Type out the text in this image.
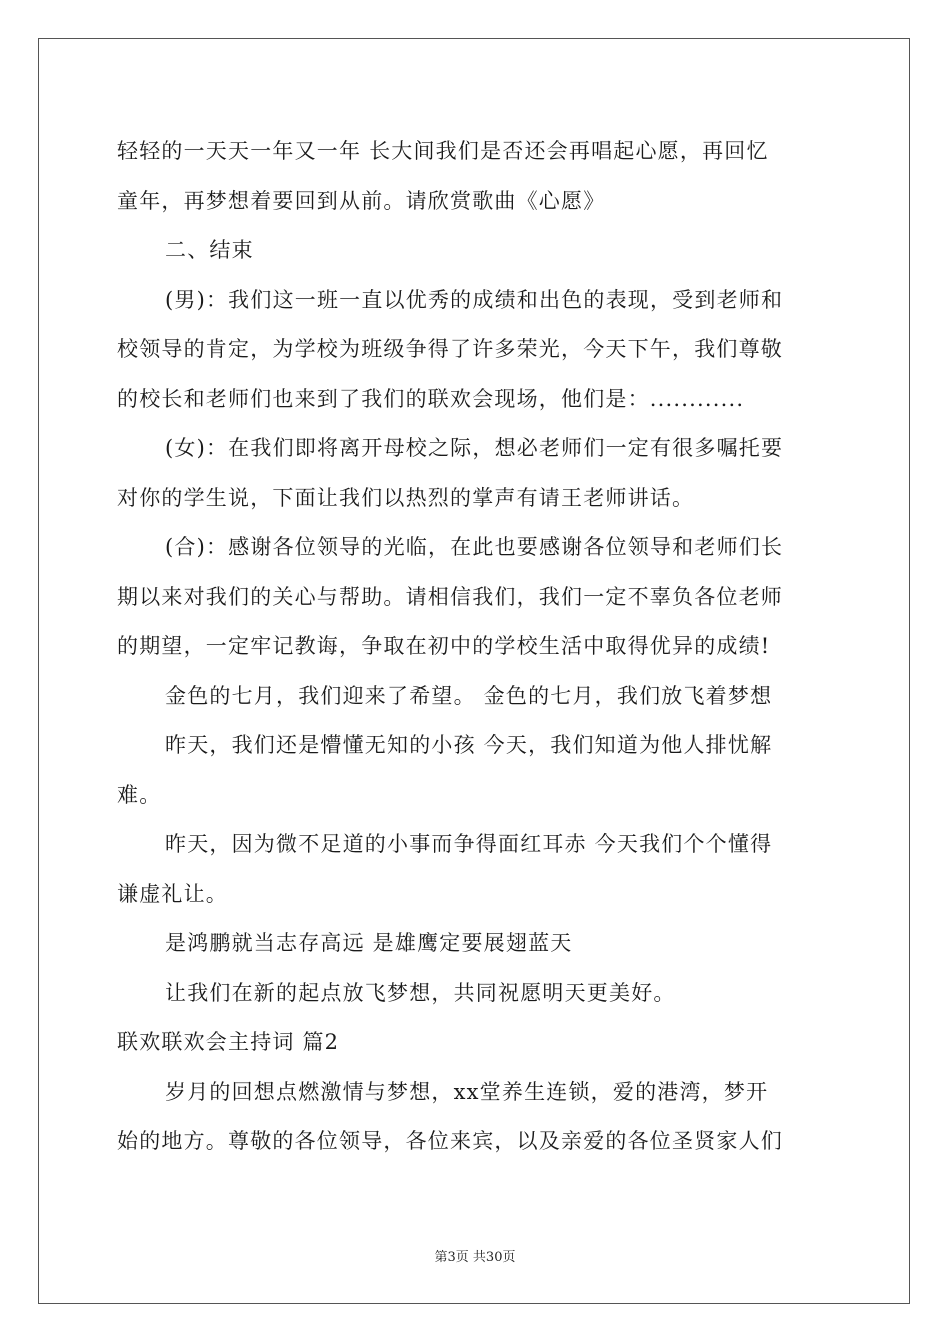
轻轻的一天天一年又一年 长大间我们是否还会再唱起心愿，再回忆
童年，再梦想着要回到从前。请欣赏歌曲《心愿》
二、结束
(男)：我们这一班一直以优秀的成绩和出色的表现，受到老师和
校领导的肯定，为学校为班级争得了许多荣光，今天下午，我们尊敬
的校长和老师们也来到了我们的联欢会现场，他们是：............
(女)：在我们即将离开母校之际，想必老师们一定有很多嘱托要
对你的学生说，下面让我们以热烈的掌声有请王老师讲话。
(合)：感谢各位领导的光临，在此也要感谢各位领导和老师们长
期以来对我们的关心与帮助。请相信我们，我们一定不辜负各位老师
的期望，一定牢记教诲，争取在初中的学校生活中取得优异的成绩!
金色的七月，我们迎来了希望。 金色的七月，我们放飞着梦想
昨天，我们还是懵懂无知的小孩 今天，我们知道为他人排忧解
难。
昨天，因为微不足道的小事而争得面红耳赤 今天我们个个懂得
谦虚礼让。
是鸿鹏就当志存高远 是雄鹰定要展翅蓝天
让我们在新的起点放飞梦想，共同祝愿明天更美好。
联欢联欢会主持词 篇2
岁月的回想点燃激情与梦想，xx堂养生连锁，爱的港湾，梦开
始的地方。尊敬的各位领导，各位来宾，以及亲爱的各位圣贤家人们
第3页 共30页
